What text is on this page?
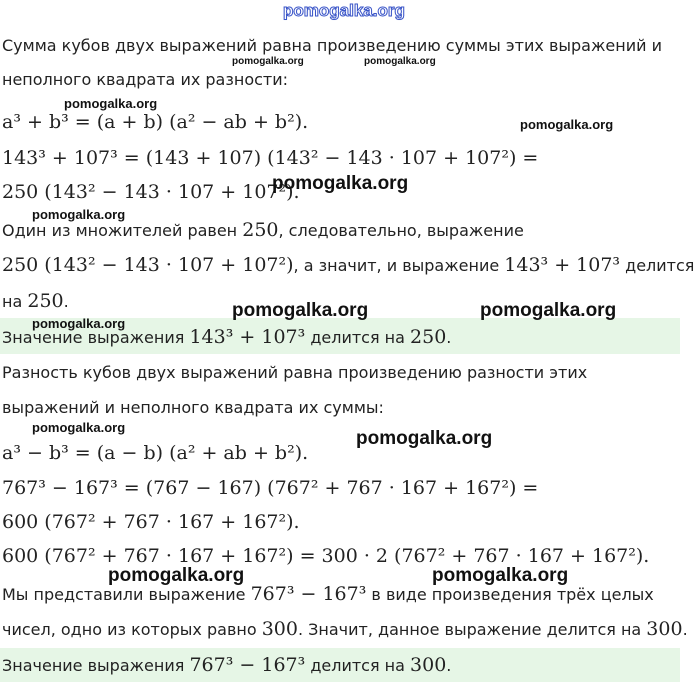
Сумма кубов двух выражений равна произведению суммы этих выражений и
неполного квадрата их разности:
a³ + b³ = (a + b) (a² − ab + b²).
143³ + 107³ = (143 + 107) (143² − 143 · 107 + 107²) =
250 (143² − 143 · 107 + 107²).
Один из множителей равен 250, следовательно, выражение
250 (143² − 143 · 107 + 107²), а значит, и выражение 143³ + 107³ делится
на 250.
Значение выражения 143³ + 107³ делится на 250.
Разность кубов двух выражений равна произведению разности этих
выражений и неполного квадрата их суммы:
a³ − b³ = (a − b) (a² + ab + b²).
767³ − 167³ = (767 − 167) (767² + 767 · 167 + 167²) =
600 (767² + 767 · 167 + 167²).
600 (767² + 767 · 167 + 167²) = 300 · 2 (767² + 767 · 167 + 167²).
Мы представили выражение 767³ − 167³ в виде произведения трёх целых
чисел, одно из которых равно 300. Значит, данное выражение делится на 300.
Значение выражения 767³ − 167³ делится на 300.
pomogalka.org
pomogalka.org	pomogalka.org
pomogalka.org
pomogalka.org
pomogalka.org
pomogalka.org
pomogalka.org	pomogalka.org
pomogalka.org
pomogalka.org
pomogalka.org
pomogalka.org	pomogalka.org
